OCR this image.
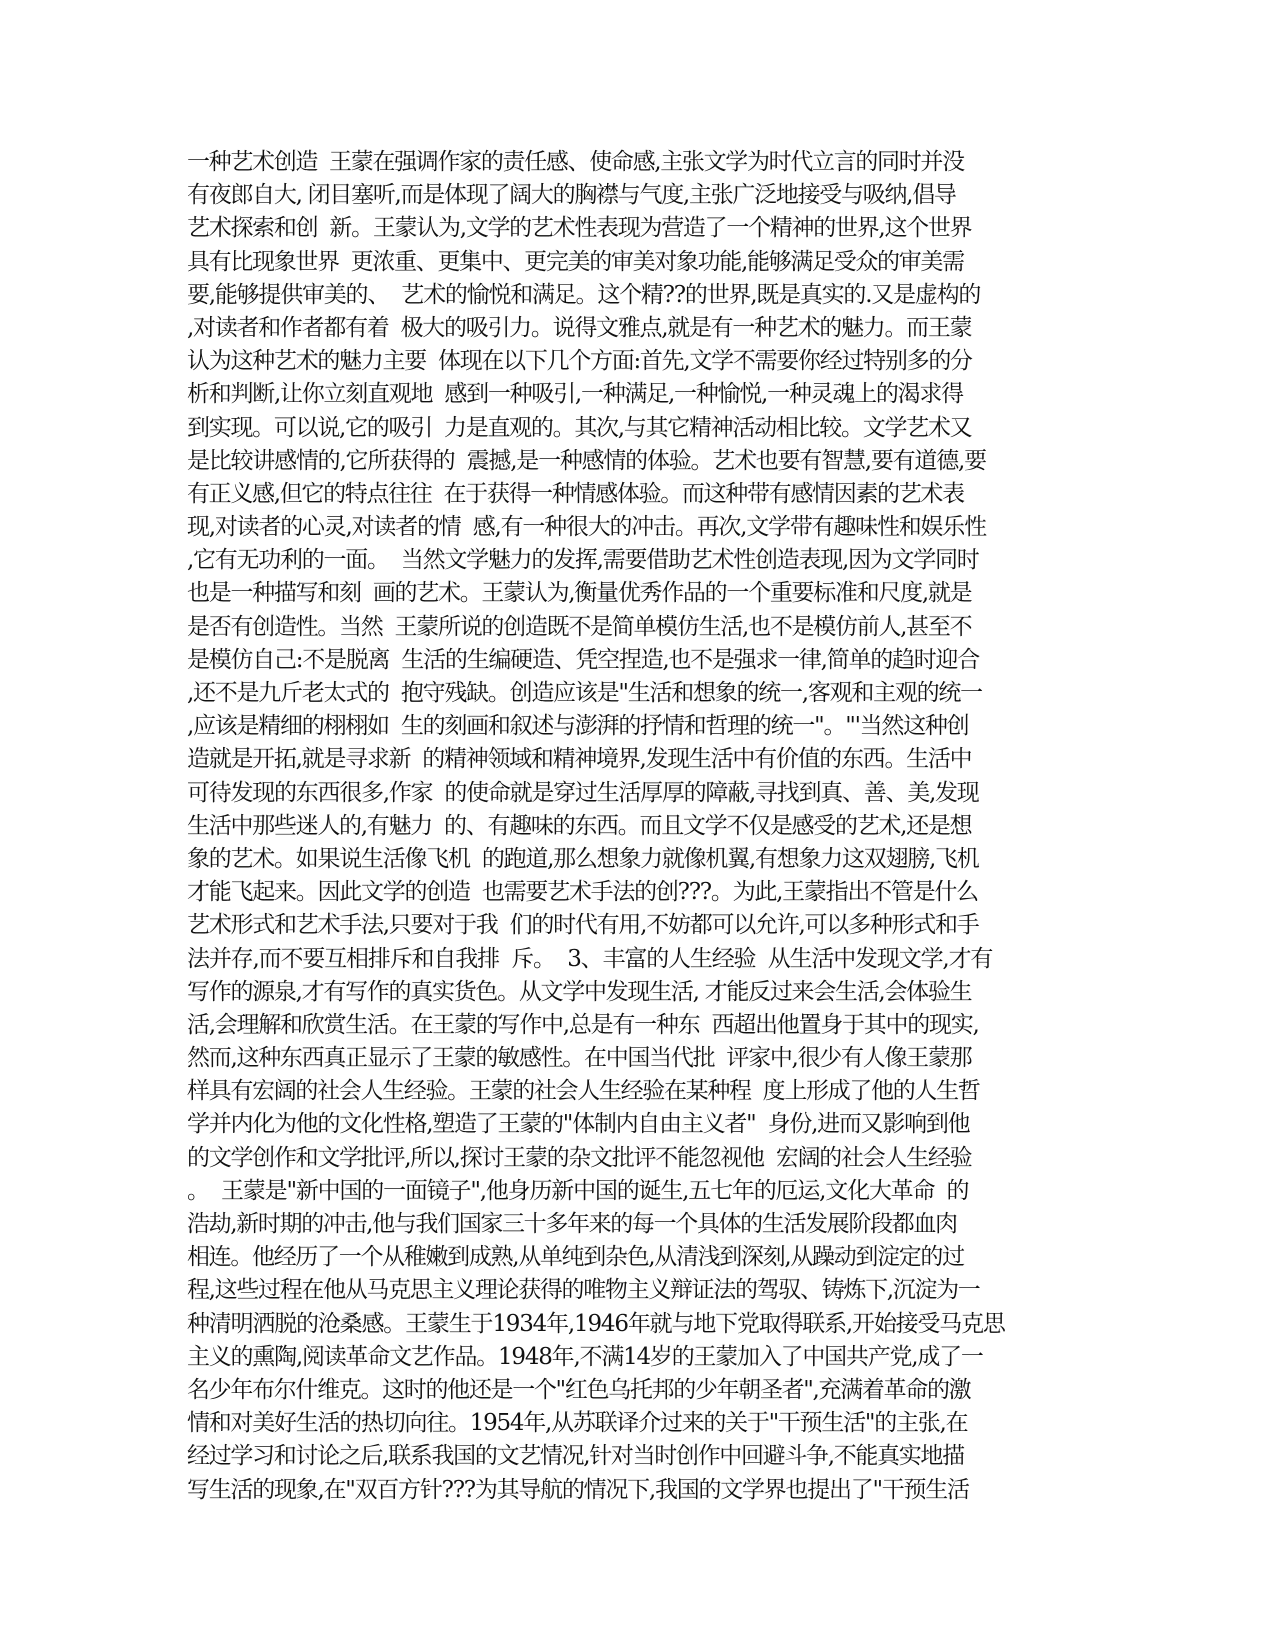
一种艺术创造  王蒙在强调作家的责任感、使命感,主张文学为时代立言的同时并没
有夜郎自大, 闭目塞听,而是体现了阔大的胸襟与气度,主张广泛地接受与吸纳,倡导
艺术探索和创  新。王蒙认为,文学的艺术性表现为营造了一个精神的世界,这个世界
具有比现象世界  更浓重、更集中、更完美的审美对象功能,能够满足受众的审美需
要,能够提供审美的、  艺术的愉悦和满足。这个精??的世界,既是真实的.又是虚构的
,对读者和作者都有着  极大的吸引力。说得文雅点,就是有一种艺术的魅力。而王蒙
认为这种艺术的魅力主要  体现在以下几个方面:首先,文学不需要你经过特别多的分
析和判断,让你立刻直观地  感到一种吸引,一种满足,一种愉悦,一种灵魂上的渴求得
到实现。可以说,它的吸引  力是直观的。其次,与其它精神活动相比较。文学艺术又
是比较讲感情的,它所获得的  震撼,是一种感情的体验。艺术也要有智慧,要有道德,要
有正义感,但它的特点往往  在于获得一种情感体验。而这种带有感情因素的艺术表
现,对读者的心灵,对读者的情  感,有一种很大的冲击。再次,文学带有趣味性和娱乐性
,它有无功利的一面。  当然文学魅力的发挥,需要借助艺术性创造表现,因为文学同时
也是一种描写和刻  画的艺术。王蒙认为,衡量优秀作品的一个重要标准和尺度,就是
是否有创造性。当然  王蒙所说的创造既不是简单模仿生活,也不是模仿前人,甚至不
是模仿自己:不是脱离  生活的生编硬造、凭空捏造,也不是强求一律,简单的趋时迎合
,还不是九斤老太式的  抱守残缺。创造应该是"生活和想象的统一,客观和主观的统一
,应该是精细的栩栩如  生的刻画和叙述与澎湃的抒情和哲理的统一"。"'当然这种创
造就是开拓,就是寻求新  的精神领域和精神境界,发现生活中有价值的东西。生活中
可待发现的东西很多,作家  的使命就是穿过生活厚厚的障蔽,寻找到真、善、美,发现
生活中那些迷人的,有魅力  的、有趣味的东西。而且文学不仅是感受的艺术,还是想
象的艺术。如果说生活像飞机  的跑道,那么想象力就像机翼,有想象力这双翅膀,飞机
才能飞起来。因此文学的创造  也需要艺术手法的创???。为此,王蒙指出不管是什么
艺术形式和艺术手法,只要对于我  们的时代有用,不妨都可以允许,可以多种形式和手
法并存,而不要互相排斥和自我排  斥。  3、丰富的人生经验  从生活中发现文学,才有
写作的源泉,才有写作的真实货色。从文学中发现生活, 才能反过来会生活,会体验生
活,会理解和欣赏生活。在王蒙的写作中,总是有一种东  西超出他置身于其中的现实,
然而,这种东西真正显示了王蒙的敏感性。在中国当代批  评家中,很少有人像王蒙那
样具有宏阔的社会人生经验。王蒙的社会人生经验在某种程  度上形成了他的人生哲
学并内化为他的文化性格,塑造了王蒙的"体制内自由主义者"  身份,进而又影响到他
的文学创作和文学批评,所以,探讨王蒙的杂文批评不能忽视他  宏阔的社会人生经验
。  王蒙是"新中国的一面镜子",他身历新中国的诞生,五七年的厄运,文化大革命  的
浩劫,新时期的冲击,他与我们国家三十多年来的每一个具体的生活发展阶段都血肉
相连。他经历了一个从稚嫩到成熟,从单纯到杂色,从清浅到深刻,从躁动到淀定的过
程,这些过程在他从马克思主义理论获得的唯物主义辩证法的驾驭、铸炼下,沉淀为一
种清明洒脱的沧桑感。王蒙生于1934年,1946年就与地下党取得联系,开始接受马克思
主义的熏陶,阅读革命文艺作品。1948年,不满14岁的王蒙加入了中国共产党,成了一
名少年布尔什维克。这时的他还是一个"红色乌托邦的少年朝圣者",充满着革命的激
情和对美好生活的热切向往。1954年,从苏联译介过来的关于"干预生活"的主张,在
经过学习和讨论之后,联系我国的文艺情况,针对当时创作中回避斗争,不能真实地描
写生活的现象,在"双百方针???为其导航的情况下,我国的文学界也提出了"干预生活
